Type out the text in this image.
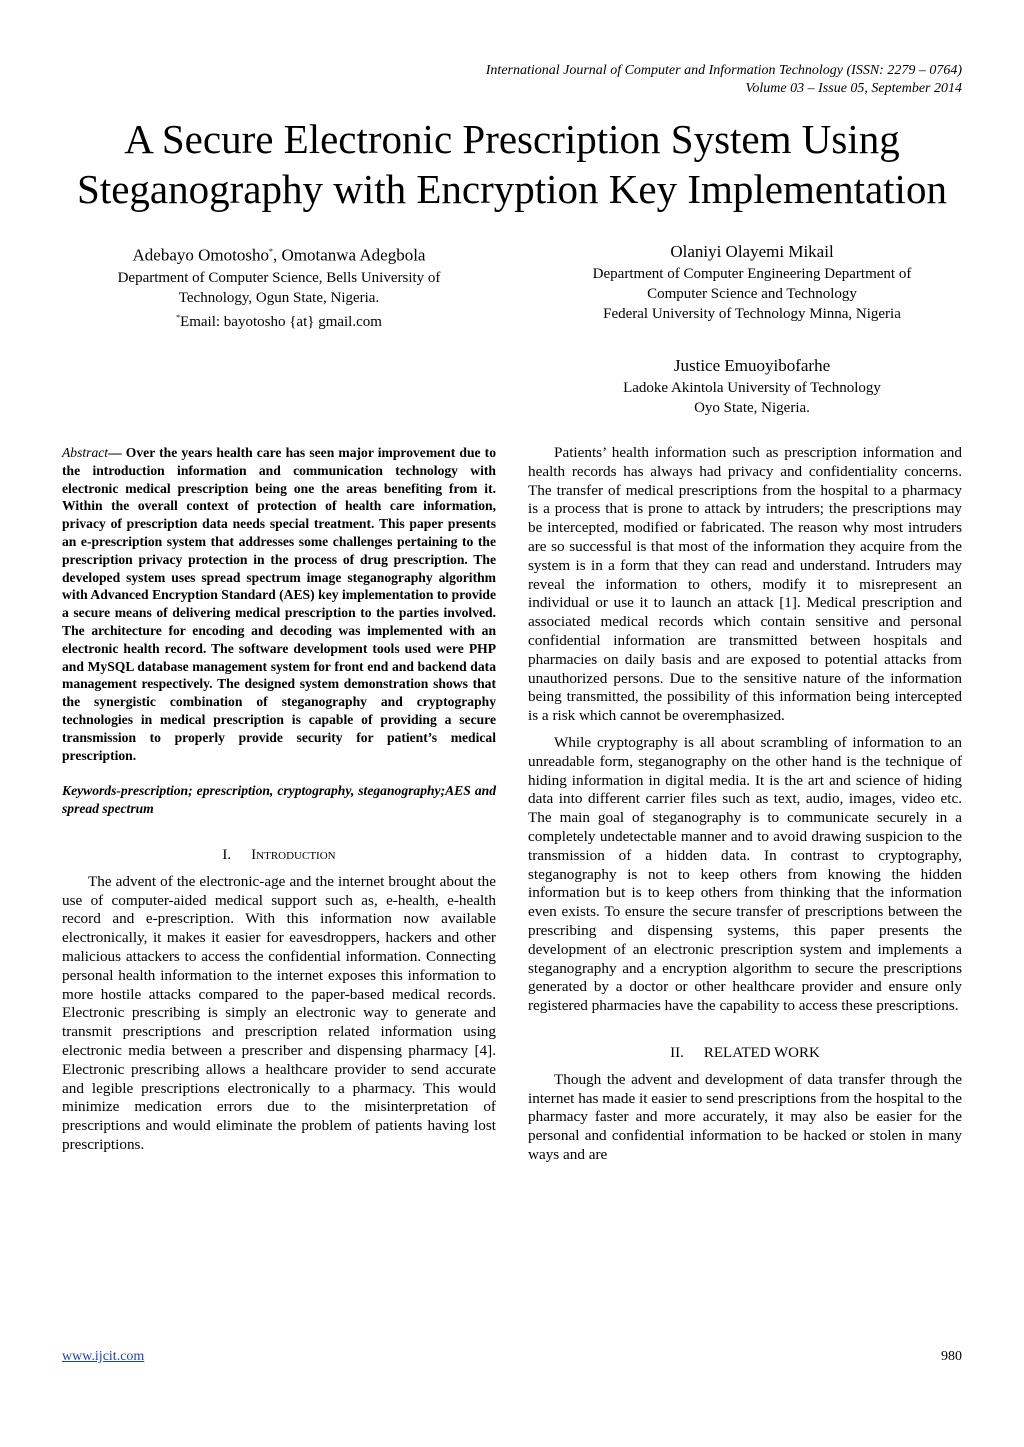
International Journal of Computer and Information Technology (ISSN: 2279 – 0764)
Volume 03 – Issue 05, September 2014
A Secure Electronic Prescription System Using
Steganography with Encryption Key Implementation
Adebayo Omotosho*, Omotanwa Adegbola
Department of Computer Science, Bells University of
Technology, Ogun State, Nigeria.
*Email: bayotosho {at} gmail.com
Olaniyi Olayemi Mikail
Department of Computer Engineering Department of
Computer Science and Technology
Federal University of Technology Minna, Nigeria
Justice Emuoyibofarhe
Ladoke Akintola University of Technology
Oyo State, Nigeria.

Abstract— Over the years health care has seen major improvement due to the introduction information and communication technology with electronic medical prescription being one the areas benefiting from it. Within the overall context of protection of health care information, privacy of prescription data needs special treatment. This paper presents an e-prescription system that addresses some challenges pertaining to the prescription privacy protection in the process of drug prescription. The developed system uses spread spectrum image steganography algorithm with Advanced Encryption Standard (AES) key implementation to provide a secure means of delivering medical prescription to the parties involved. The architecture for encoding and decoding was implemented with an electronic health record. The software development tools used were PHP and MySQL database management system for front end and backend data management respectively. The designed system demonstration shows that the synergistic combination of steganography and cryptography technologies in medical prescription is capable of providing a secure transmission to properly provide security for patient’s medical prescription.

Keywords-prescription; eprescription, cryptography, steganography;AES and spread spectrum

I. Introduction

The advent of the electronic-age and the internet brought about the use of computer-aided medical support such as, e-health, e-health record and e-prescription. With this information now available electronically, it makes it easier for eavesdroppers, hackers and other malicious attackers to access the confidential information. Connecting personal health information to the internet exposes this information to more hostile attacks compared to the paper-based medical records. Electronic prescribing is simply an electronic way to generate and transmit prescriptions and prescription related information using electronic media between a prescriber and dispensing pharmacy [4]. Electronic prescribing allows a healthcare provider to send accurate and legible prescriptions electronically to a pharmacy. This would minimize medication errors due to the misinterpretation of prescriptions and would eliminate the problem of patients having lost prescriptions.

Patients’ health information such as prescription information and health records has always had privacy and confidentiality concerns. The transfer of medical prescriptions from the hospital to a pharmacy is a process that is prone to attack by intruders; the prescriptions may be intercepted, modified or fabricated. The reason why most intruders are so successful is that most of the information they acquire from the system is in a form that they can read and understand. Intruders may reveal the information to others, modify it to misrepresent an individual or use it to launch an attack [1]. Medical prescription and associated medical records which contain sensitive and personal confidential information are transmitted between hospitals and pharmacies on daily basis and are exposed to potential attacks from unauthorized persons. Due to the sensitive nature of the information being transmitted, the possibility of this information being intercepted is a risk which cannot be overemphasized.

While cryptography is all about scrambling of information to an unreadable form, steganography on the other hand is the technique of hiding information in digital media. It is the art and science of hiding data into different carrier files such as text, audio, images, video etc. The main goal of steganography is to communicate securely in a completely undetectable manner and to avoid drawing suspicion to the transmission of a hidden data. In contrast to cryptography, steganography is not to keep others from knowing the hidden information but is to keep others from thinking that the information even exists. To ensure the secure transfer of prescriptions between the prescribing and dispensing systems, this paper presents the development of an electronic prescription system and implements a steganography and a encryption algorithm to secure the prescriptions generated by a doctor or other healthcare provider and ensure only registered pharmacies have the capability to access these prescriptions.

II. RELATED WORK

Though the advent and development of data transfer through the internet has made it easier to send prescriptions from the hospital to the pharmacy faster and more accurately, it may also be easier for the personal and confidential information to be hacked or stolen in many ways and are

www.ijcit.com	980
